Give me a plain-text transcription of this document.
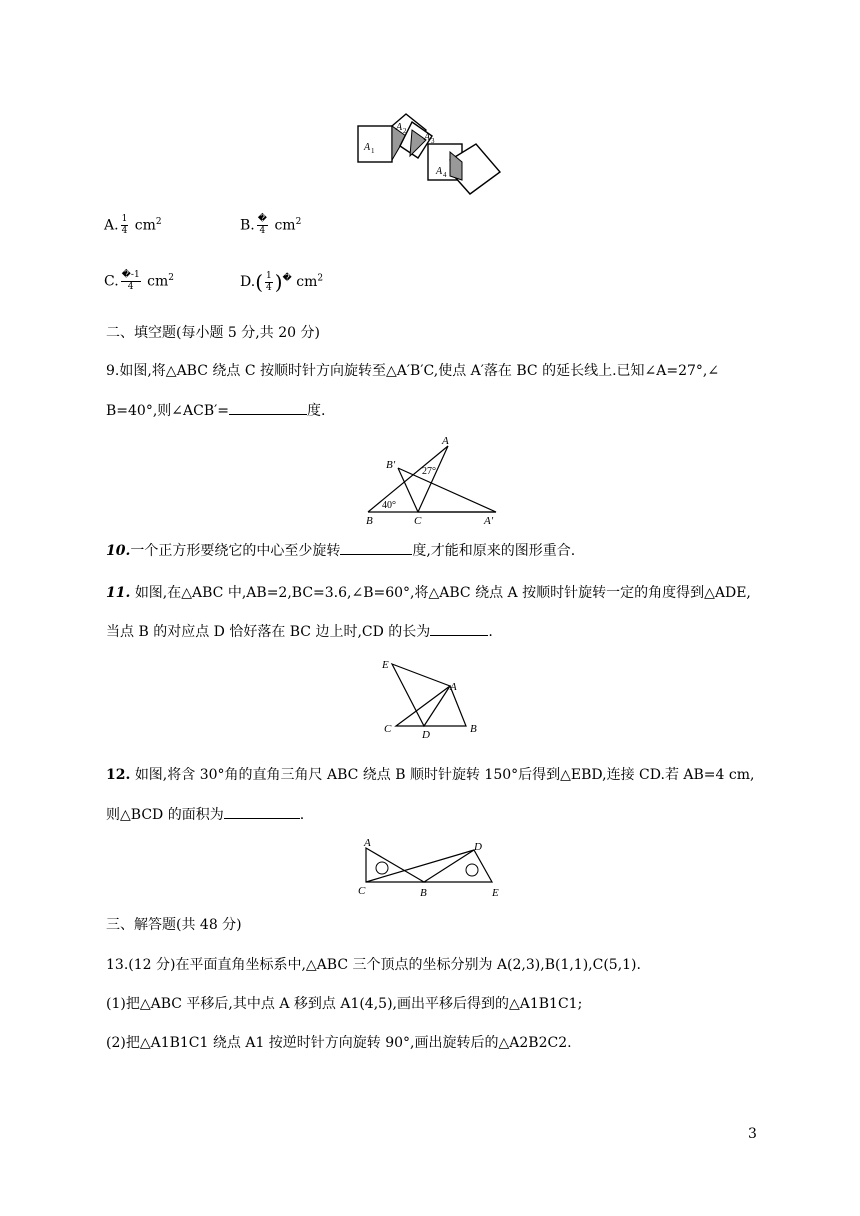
A 1
A 2
A 3
A 4
A. $\frac{1}{4} cm^2$	B. $\frac{�}{4} cm^2$
C. $\frac{�-1}{4} cm^2$	$D.( \frac{1}{4} )^�$ $cm^2$
二、填空题(每小题 5 分,共 20 分)
9.如图,将△ABC 绕点 C 按顺时针方向旋转至△A′B′C,使点 A′落在 BC 的延长线上.已知∠A=27°,∠
B=40°,则∠ACB′=	度.
A
B′
27°
40°
B	C	A′
10.一个正方形要绕它的中心至少旋转	度,才能和原来的图形重合.
11. 如图,在△ABC 中,AB=2,BC=3.6,∠B=60°,将△ABC 绕点 A 按顺时针旋转一定的角度得到△ADE,
当点 B 的对应点 D 恰好落在 BC 边上时,CD 的长为	.
E
A
C	D	B
12. 如图,将含 30°角的直角三角尺 ABC 绕点 B 顺时针旋转 150°后得到△EBD,连接 CD.若 AB=4 cm,
则△BCD 的面积为	.
A	D
C	B	E
三、解答题(共 48 分)
13.(12 分)在平面直角坐标系中,△ABC 三个顶点的坐标分别为 A(2,3),B(1,1),C(5,1).
(1)把△ABC 平移后,其中点 A 移到点 A1(4,5),画出平移后得到的△A1B1C1;
(2)把△A1B1C1 绕点 A1 按逆时针方向旋转 90°,画出旋转后的△A2B2C2.
3
